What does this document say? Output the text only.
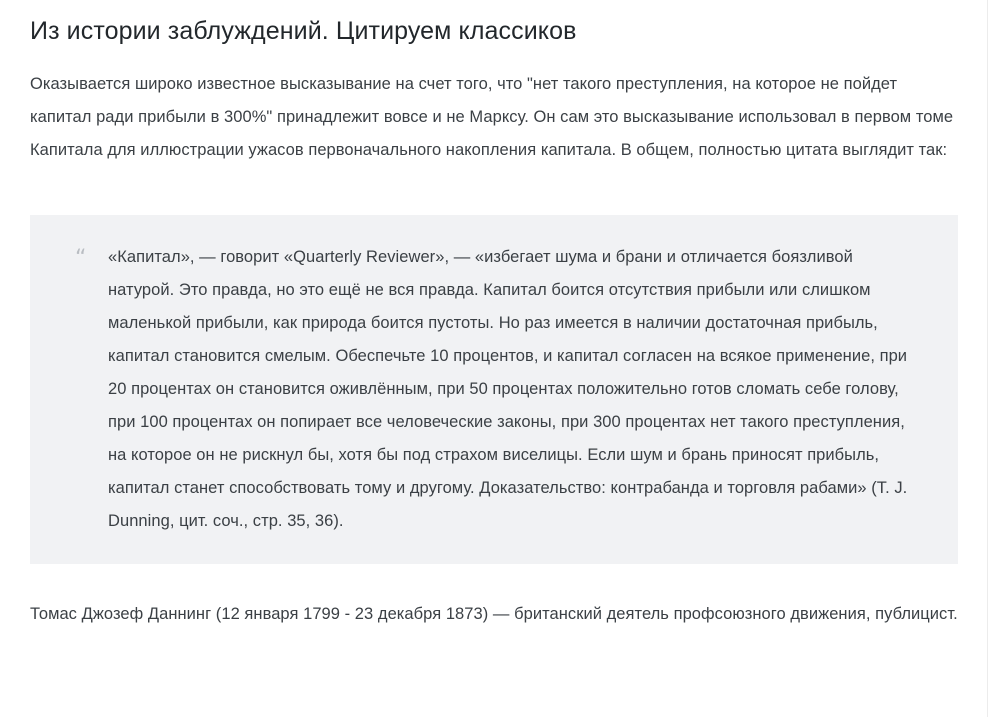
Из истории заблуждений. Цитируем классиков

Оказывается широко известное высказывание на счет того, что "нет такого преступления, на которое не пойдет капитал ради прибыли в 300%" принадлежит вовсе и не Марксу. Он сам это высказывание использовал в первом томе Капитала для иллюстрации ужасов первоначального накопления капитала. В общем, полностью цитата выглядит так:

“	«Капитал», — говорит «Quarterly Reviewer», — «избегает шума и брани и отличается боязливой натурой. Это правда, но это ещё не вся правда. Капитал боится отсутствия прибыли или слишком маленькой прибыли, как природа боится пустоты. Но раз имеется в наличии достаточная прибыль, капитал становится смелым. Обеспечьте 10 процентов, и капитал согласен на всякое применение, при 20 процентах он становится оживлённым, при 50 процентах положительно готов сломать себе голову, при 100 процентах он попирает все человеческие законы, при 300 процентах нет такого преступления, на которое он не рискнул бы, хотя бы под страхом виселицы. Если шум и брань приносят прибыль, капитал станет способствовать тому и другому. Доказательство: контрабанда и торговля рабами» (T. J. Dunning, цит. соч., стр. 35, 36).

Томас Джозеф Даннинг (12 января 1799 - 23 декабря 1873) — британский деятель профсоюзного движения, публицист.
